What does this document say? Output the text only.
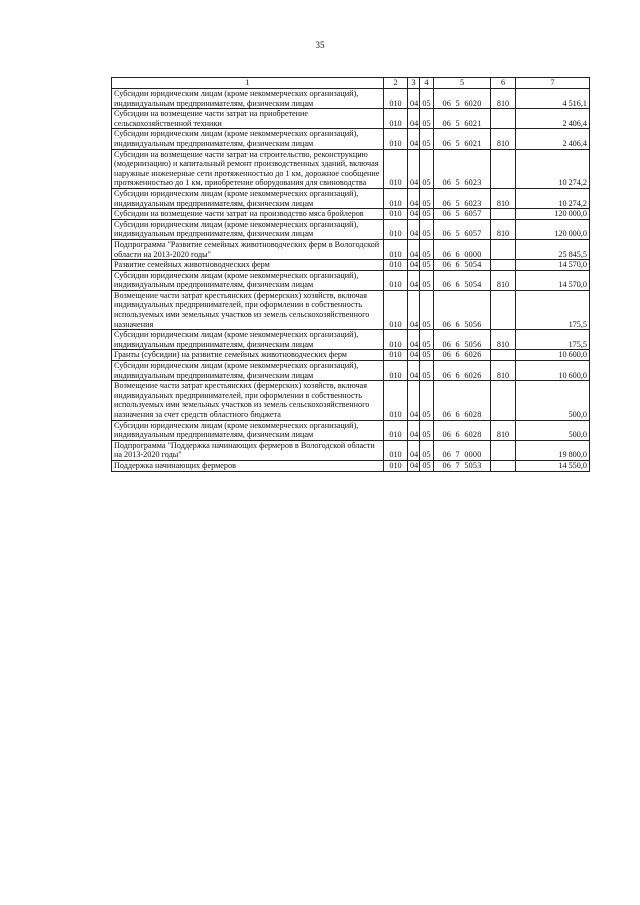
35
1	2	3	4	5	6	7
Субсидии юридическим лицам (кроме некоммерческих организаций), индивидуальным предпринимателям, физическим лицам	010	04	05	06  5  6020	810	4 516,1
Субсидии на возмещение части затрат на приобретение сельскохозяйственной техники	010	04	05	06  5  6021		2 406,4
Субсидии юридическим лицам (кроме некоммерческих организаций), индивидуальным предпринимателям, физическим лицам	010	04	05	06  5  6021	810	2 406,4
Субсидии на возмещение части затрат на строительство, реконструкцию (модернизацию) и капитальный ремонт производственных зданий, включая наружные инженерные сети протяженностью до 1 км, дорожное сообщение протяженностью до 1 км, приобретение оборудования для свиноводства	010	04	05	06  5  6023		10 274,2
Субсидии юридическим лицам (кроме некоммерческих организаций), индивидуальным предпринимателям, физическим лицам	010	04	05	06  5  6023	810	10 274,2
Субсидии на возмещение части затрат на производство мяса бройлеров	010	04	05	06  5  6057		120 000,0
Субсидии юридическим лицам (кроме некоммерческих организаций), индивидуальным предпринимателям, физическим лицам	010	04	05	06  5  6057	810	120 000,0
Подпрограмма "Развитие семейных животноводческих ферм в Вологодской области на 2013-2020 годы"	010	04	05	06  6  0000		25 845,5
Развитие семейных животноводческих ферм	010	04	05	06  6  5054		14 570,0
Субсидии юридическим лицам (кроме некоммерческих организаций), индивидуальным предпринимателям, физическим лицам	010	04	05	06  6  5054	810	14 570,0
Возмещение части затрат крестьянских (фермерских) хозяйств, включая индивидуальных предпринимателей, при оформлении в собственность используемых ими земельных участков из земель сельскохозяйственного назначения	010	04	05	06  6  5056		175,5
Субсидии юридическим лицам (кроме некоммерческих организаций), индивидуальным предпринимателям, физическим лицам	010	04	05	06  6  5056	810	175,5
Гранты (субсидии) на развитие семейных животноводческих ферм	010	04	05	06  6  6026		10 600,0
Субсидии юридическим лицам (кроме некоммерческих организаций), индивидуальным предпринимателям, физическим лицам	010	04	05	06  6  6026	810	10 600,0
Возмещение части затрат крестьянских (фермерских) хозяйств, включая индивидуальных предпринимателей, при оформлении в собственность используемых ими земельных участков из земель сельскохозяйственного назначения за счет средств областного бюджета	010	04	05	06  6  6028		500,0
Субсидии юридическим лицам (кроме некоммерческих организаций), индивидуальным предпринимателям, физическим лицам	010	04	05	06  6  6028	810	500,0
Подпрограмма "Поддержка начинающих фермеров в Вологодской области на 2013-2020 годы"	010	04	05	06  7  0000		19 800,0
Поддержка начинающих фермеров	010	04	05	06  7  5053		14 550,0
